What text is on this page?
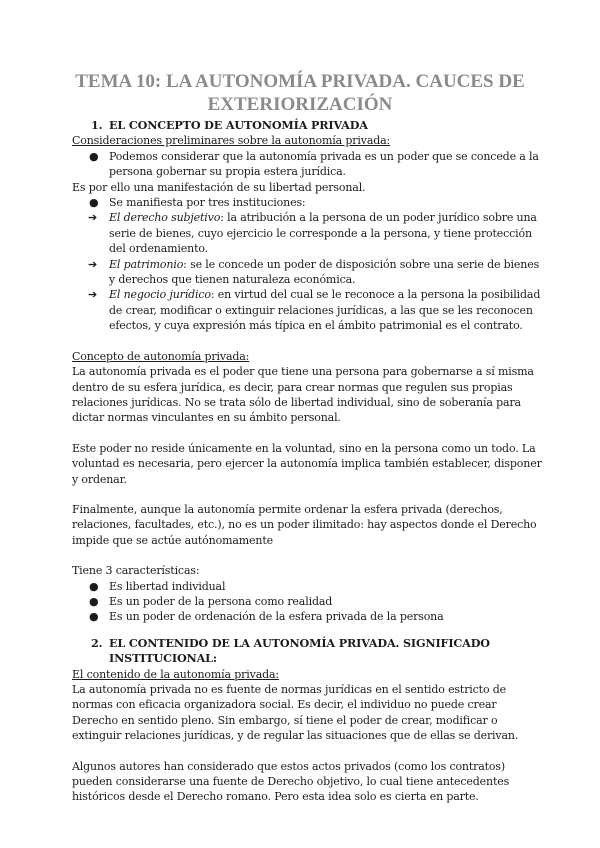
TEMA 10: LA AUTONOMÍA PRIVADA. CAUCES DE EXTERIORIZACIÓN
1. EL CONCEPTO DE AUTONOMÍA PRIVADA
Consideraciones preliminares sobre la autonomía privada:
● Podemos considerar que la autonomía privada es un poder que se concede a la persona gobernar su propia estera jurídica.
Es por ello una manifestación de su libertad personal.
● Se manifiesta por tres instituciones:
➔ El derecho subjetivo: la atribución a la persona de un poder jurídico sobre una serie de bienes, cuyo ejercicio le corresponde a la persona, y tiene protección del ordenamiento.
➔ El patrimonio: se le concede un poder de disposición sobre una serie de bienes y derechos que tienen naturaleza económica.
➔ El negocio jurídico: en virtud del cual se le reconoce a la persona la posibilidad de crear, modificar o extinguir relaciones jurídicas, a las que se les reconocen efectos, y cuya expresión más típica en el ámbito patrimonial es el contrato.
Concepto de autonomía privada:
La autonomía privada es el poder que tiene una persona para gobernarse a sí misma dentro de su esfera jurídica, es decir, para crear normas que regulen sus propias relaciones jurídicas. No se trata sólo de libertad individual, sino de soberanía para dictar normas vinculantes en su ámbito personal.
Este poder no reside únicamente en la voluntad, sino en la persona como un todo. La voluntad es necesaria, pero ejercer la autonomía implica también establecer, disponer y ordenar.
Finalmente, aunque la autonomía permite ordenar la esfera privada (derechos, relaciones, facultades, etc.), no es un poder ilimitado: hay aspectos donde el Derecho impide que se actúe autónomamente
Tiene 3 características:
● Es libertad individual
● Es un poder de la persona como realidad
● Es un poder de ordenación de la esfera privada de la persona
2. EL CONTENIDO DE LA AUTONOMÍA PRIVADA. SIGNIFICADO INSTITUCIONAL:
El contenido de la autonomía privada:
La autonomía privada no es fuente de normas jurídicas en el sentido estricto de normas con eficacia organizadora social. Es decir, el individuo no puede crear Derecho en sentido pleno. Sin embargo, sí tiene el poder de crear, modificar o extinguir relaciones jurídicas, y de regular las situaciones que de ellas se derivan.
Algunos autores han considerado que estos actos privados (como los contratos) pueden considerarse una fuente de Derecho objetivo, lo cual tiene antecedentes históricos desde el Derecho romano. Pero esta idea solo es cierta en parte.
